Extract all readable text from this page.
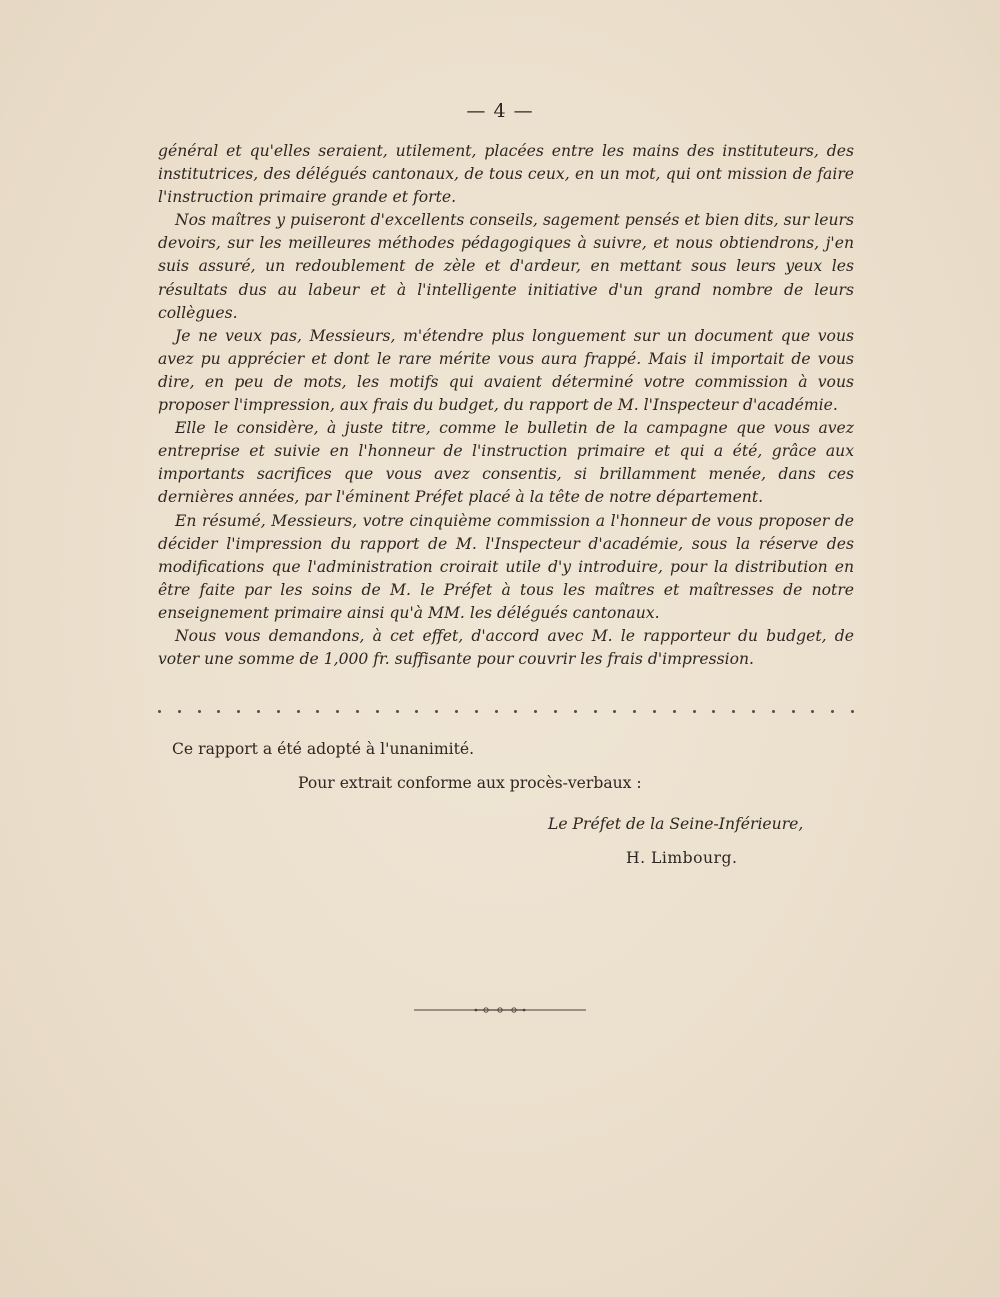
— 4 —

général et qu'elles seraient, utilement, placées entre les mains des instituteurs, des institutrices, des délégués cantonaux, de tous ceux, en un mot, qui ont mission de faire l'instruction primaire grande et forte.

Nos maîtres y puiseront d'excellents conseils, sagement pensés et bien dits, sur leurs devoirs, sur les meilleures méthodes pédagogiques à suivre, et nous obtiendrons, j'en suis assuré, un redoublement de zèle et d'ardeur, en mettant sous leurs yeux les résultats dus au labeur et à l'intelligente initiative d'un grand nombre de leurs collègues.

Je ne veux pas, Messieurs, m'étendre plus longuement sur un document que vous avez pu apprécier et dont le rare mérite vous aura frappé. Mais il importait de vous dire, en peu de mots, les motifs qui avaient déterminé votre commission à vous proposer l'impression, aux frais du budget, du rapport de M. l'Inspecteur d'académie.

Elle le considère, à juste titre, comme le bulletin de la campagne que vous avez entreprise et suivie en l'honneur de l'instruction primaire et qui a été, grâce aux importants sacrifices que vous avez consentis, si brillamment menée, dans ces dernières années, par l'éminent Préfet placé à la tête de notre département.

En résumé, Messieurs, votre cinquième commission a l'honneur de vous proposer de décider l'impression du rapport de M. l'Inspecteur d'académie, sous la réserve des modifications que l'administration croirait utile d'y introduire, pour la distribution en être faite par les soins de M. le Préfet à tous les maîtres et maîtresses de notre enseignement primaire ainsi qu'à MM. les délégués cantonaux.

Nous vous demandons, à cet effet, d'accord avec M. le rapporteur du budget, de voter une somme de 1,000 fr. suffisante pour couvrir les frais d'impression.

Ce rapport a été adopté à l'unanimité.
Pour extrait conforme aux procès-verbaux :
Le Préfet de la Seine-Inférieure,
H. Limbourg.
